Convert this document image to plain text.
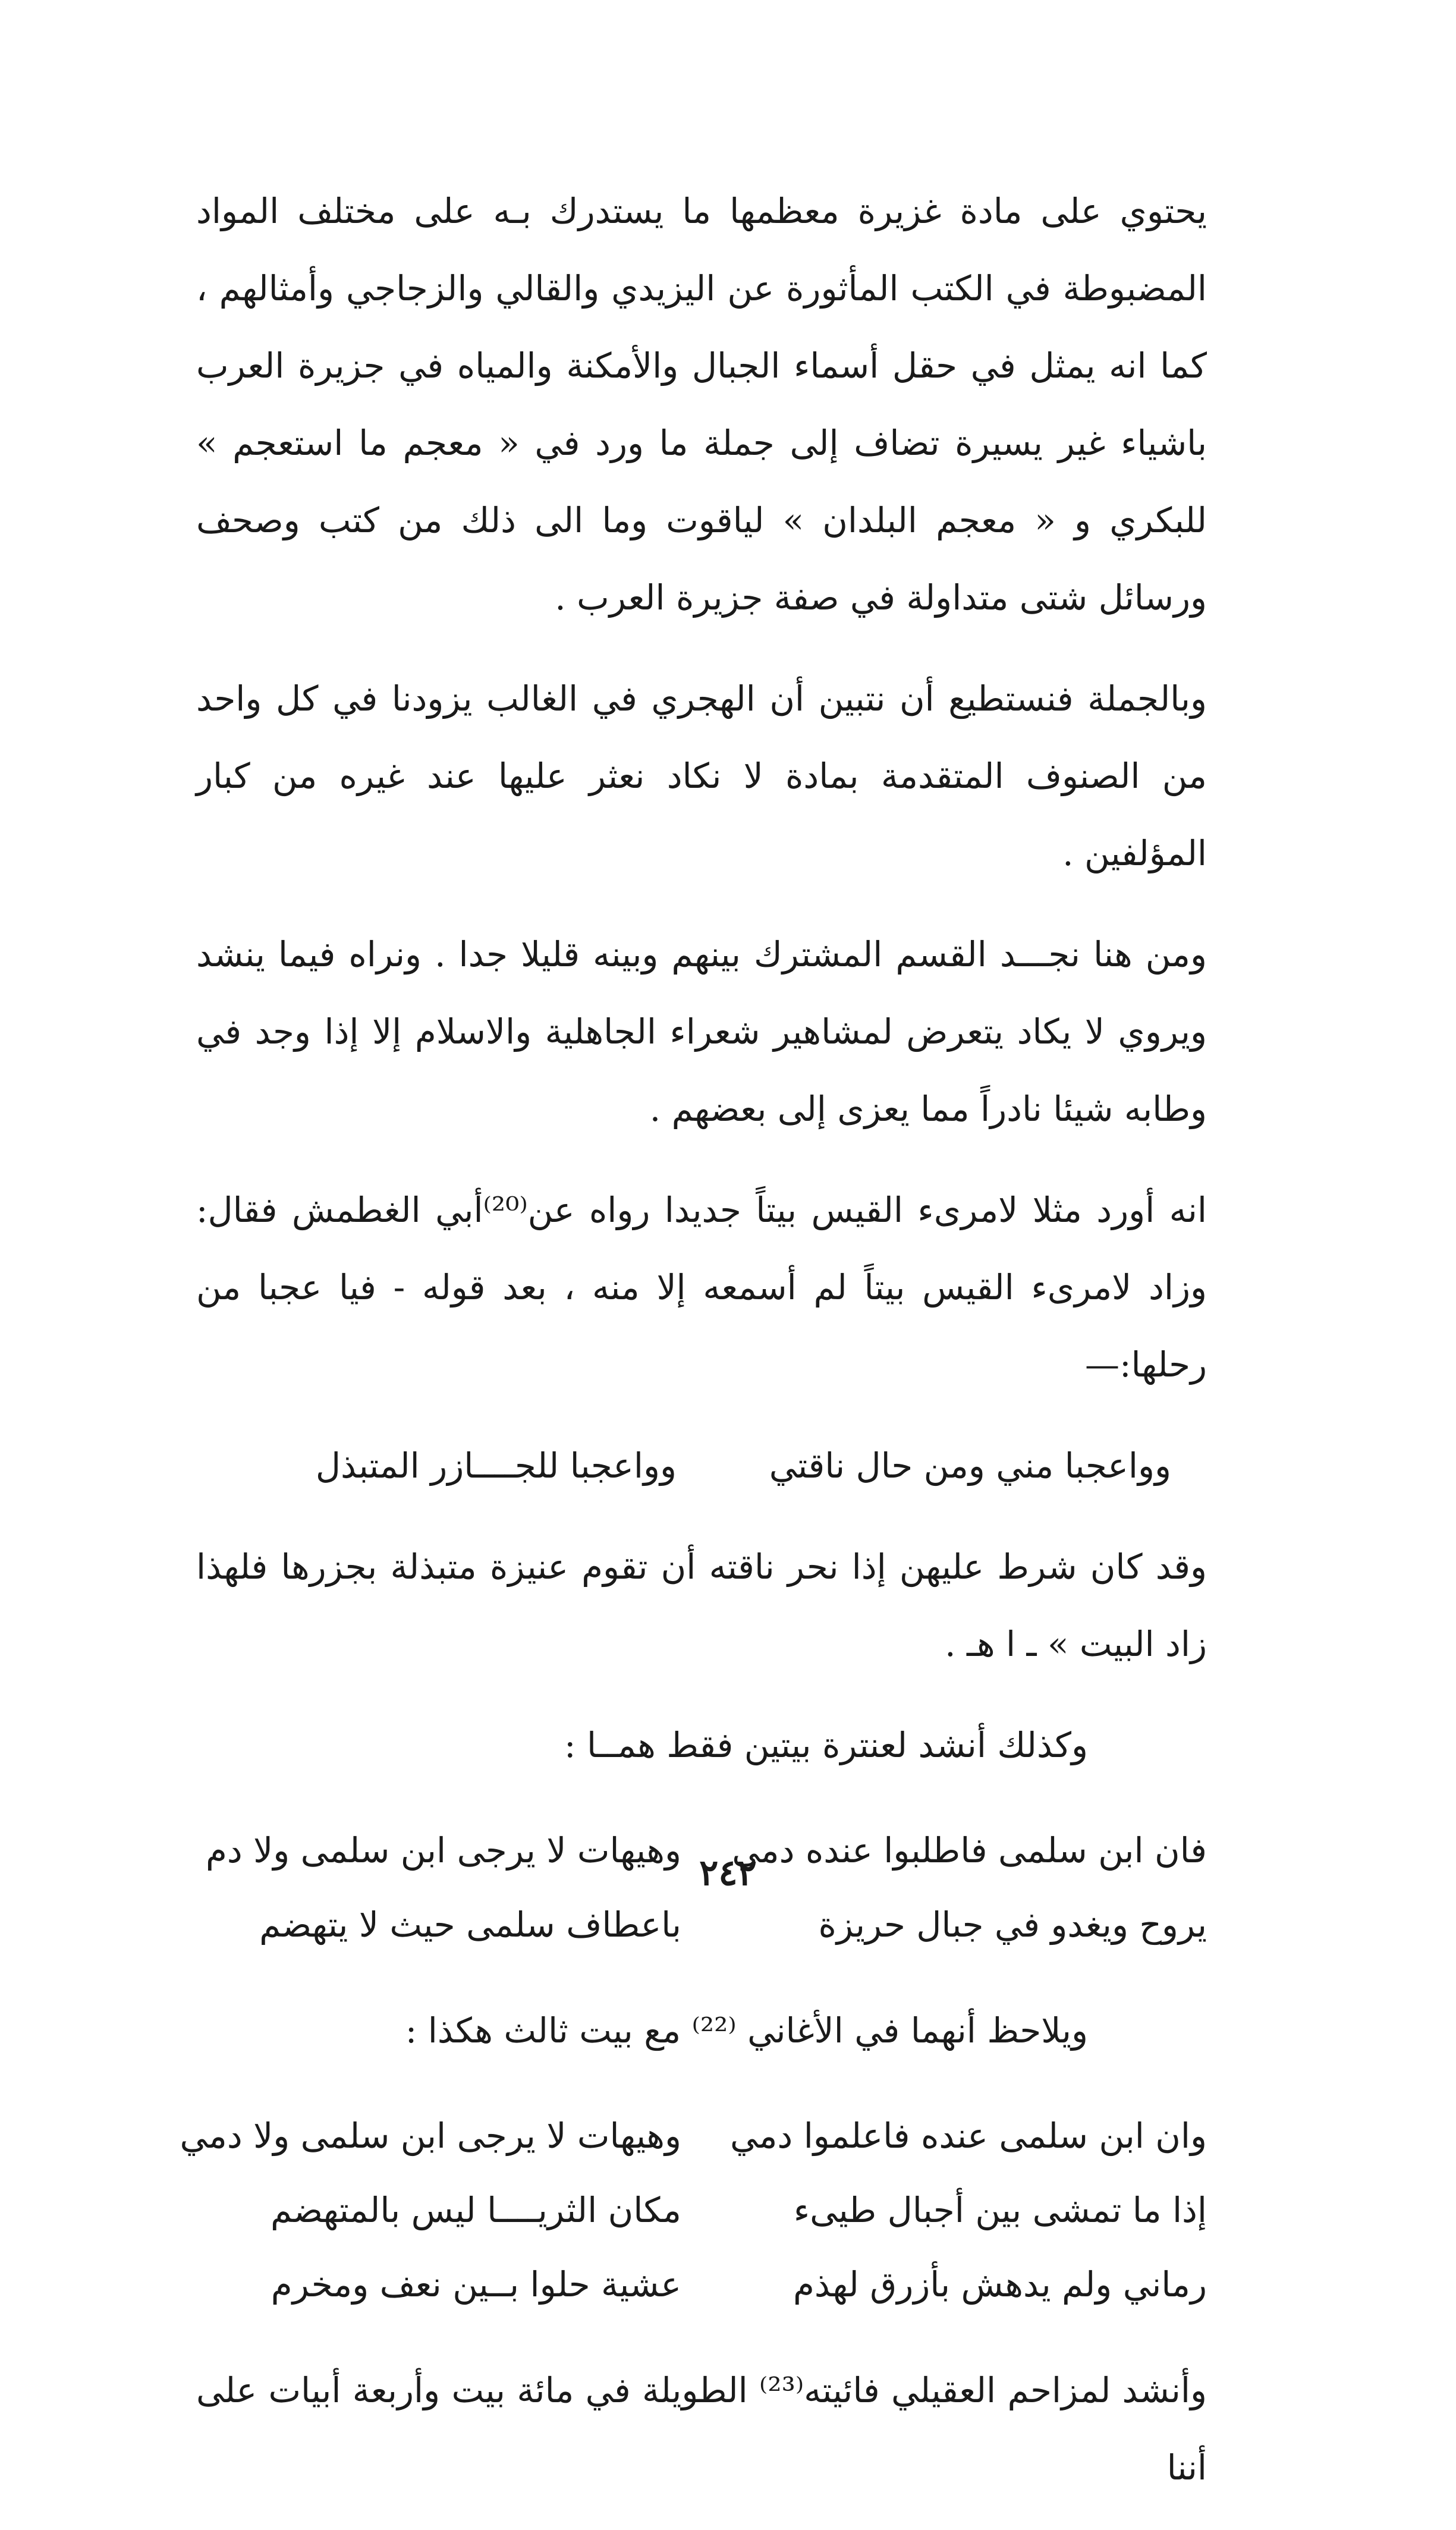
يحتوي على مادة غزيرة معظمها ما يستدرك بـه على مختلف المواد المضبوطة في الكتب المأثورة عن اليزيدي والقالي والزجاجي وأمثالهم ، كما انه يمثل في حقل أسماء الجبال والأمكنة والمياه في جزيرة العرب باشياء غير يسيرة تضاف إلى جملة ما ورد في « معجم ما استعجم » للبكري و « معجم البلدان » لياقوت وما الى ذلك من كتب وصحف ورسائل شتى متداولة في صفة جزيرة العرب .

وبالجملة فنستطيع أن نتبين أن الهجري في الغالب يزودنا في كل واحد من الصنوف المتقدمة بمادة لا نكاد نعثر عليها عند غيره من كبار المؤلفين .

ومن هنا نجـــد القسم المشترك بينهم وبينه قليلا جدا . ونراه فيما ينشد ويروي لا يكاد يتعرض لمشاهير شعراء الجاهلية والاسلام إلا إذا وجد في وطابه شيئا نادراً مما يعزى إلى بعضهم .

انه أورد مثلا لامرىء القيس بيتاً جديدا رواه عن⁽²⁰⁾أبي الغطمش فقال: وزاد لامرىء القيس بيتاً لم أسمعه إلا منه ، بعد قوله - فيا عجبا من رحلها:—

وواعجبا مني ومن حال ناقتي
وواعجبا للجــــازر المتبذل

وقد كان شرط عليهن إذا نحر ناقته أن تقوم عنيزة متبذلة بجزرها فلهذا زاد البيت » ـ ا هـ .

وكذلك أنشد لعنترة بيتين فقط همــا :

فان ابن سلمى فاطلبوا عنده دمي
وهيهات لا يرجى ابن سلمى ولا دم
يروح ويغدو في جبال حريزة
باعطاف سلمى حيث لا يتهضم

ويلاحظ أنهما في الأغاني ⁽²²⁾ مع بيت ثالث هكذا :

وان ابن سلمى عنده فاعلموا دمي
وهيهات لا يرجى ابن سلمى ولا دمي
إذا ما تمشى بين أجبال طيىء
مكان الثريــــا ليس بالمتهضم
رماني ولم يدهش بأزرق لهذم
عشية حلوا بــين نعف ومخرم

وأنشد لمزاحم العقيلي فائيته⁽²³⁾ الطويلة في مائة بيت وأربعة أبيات على أننا

٢٤٢
